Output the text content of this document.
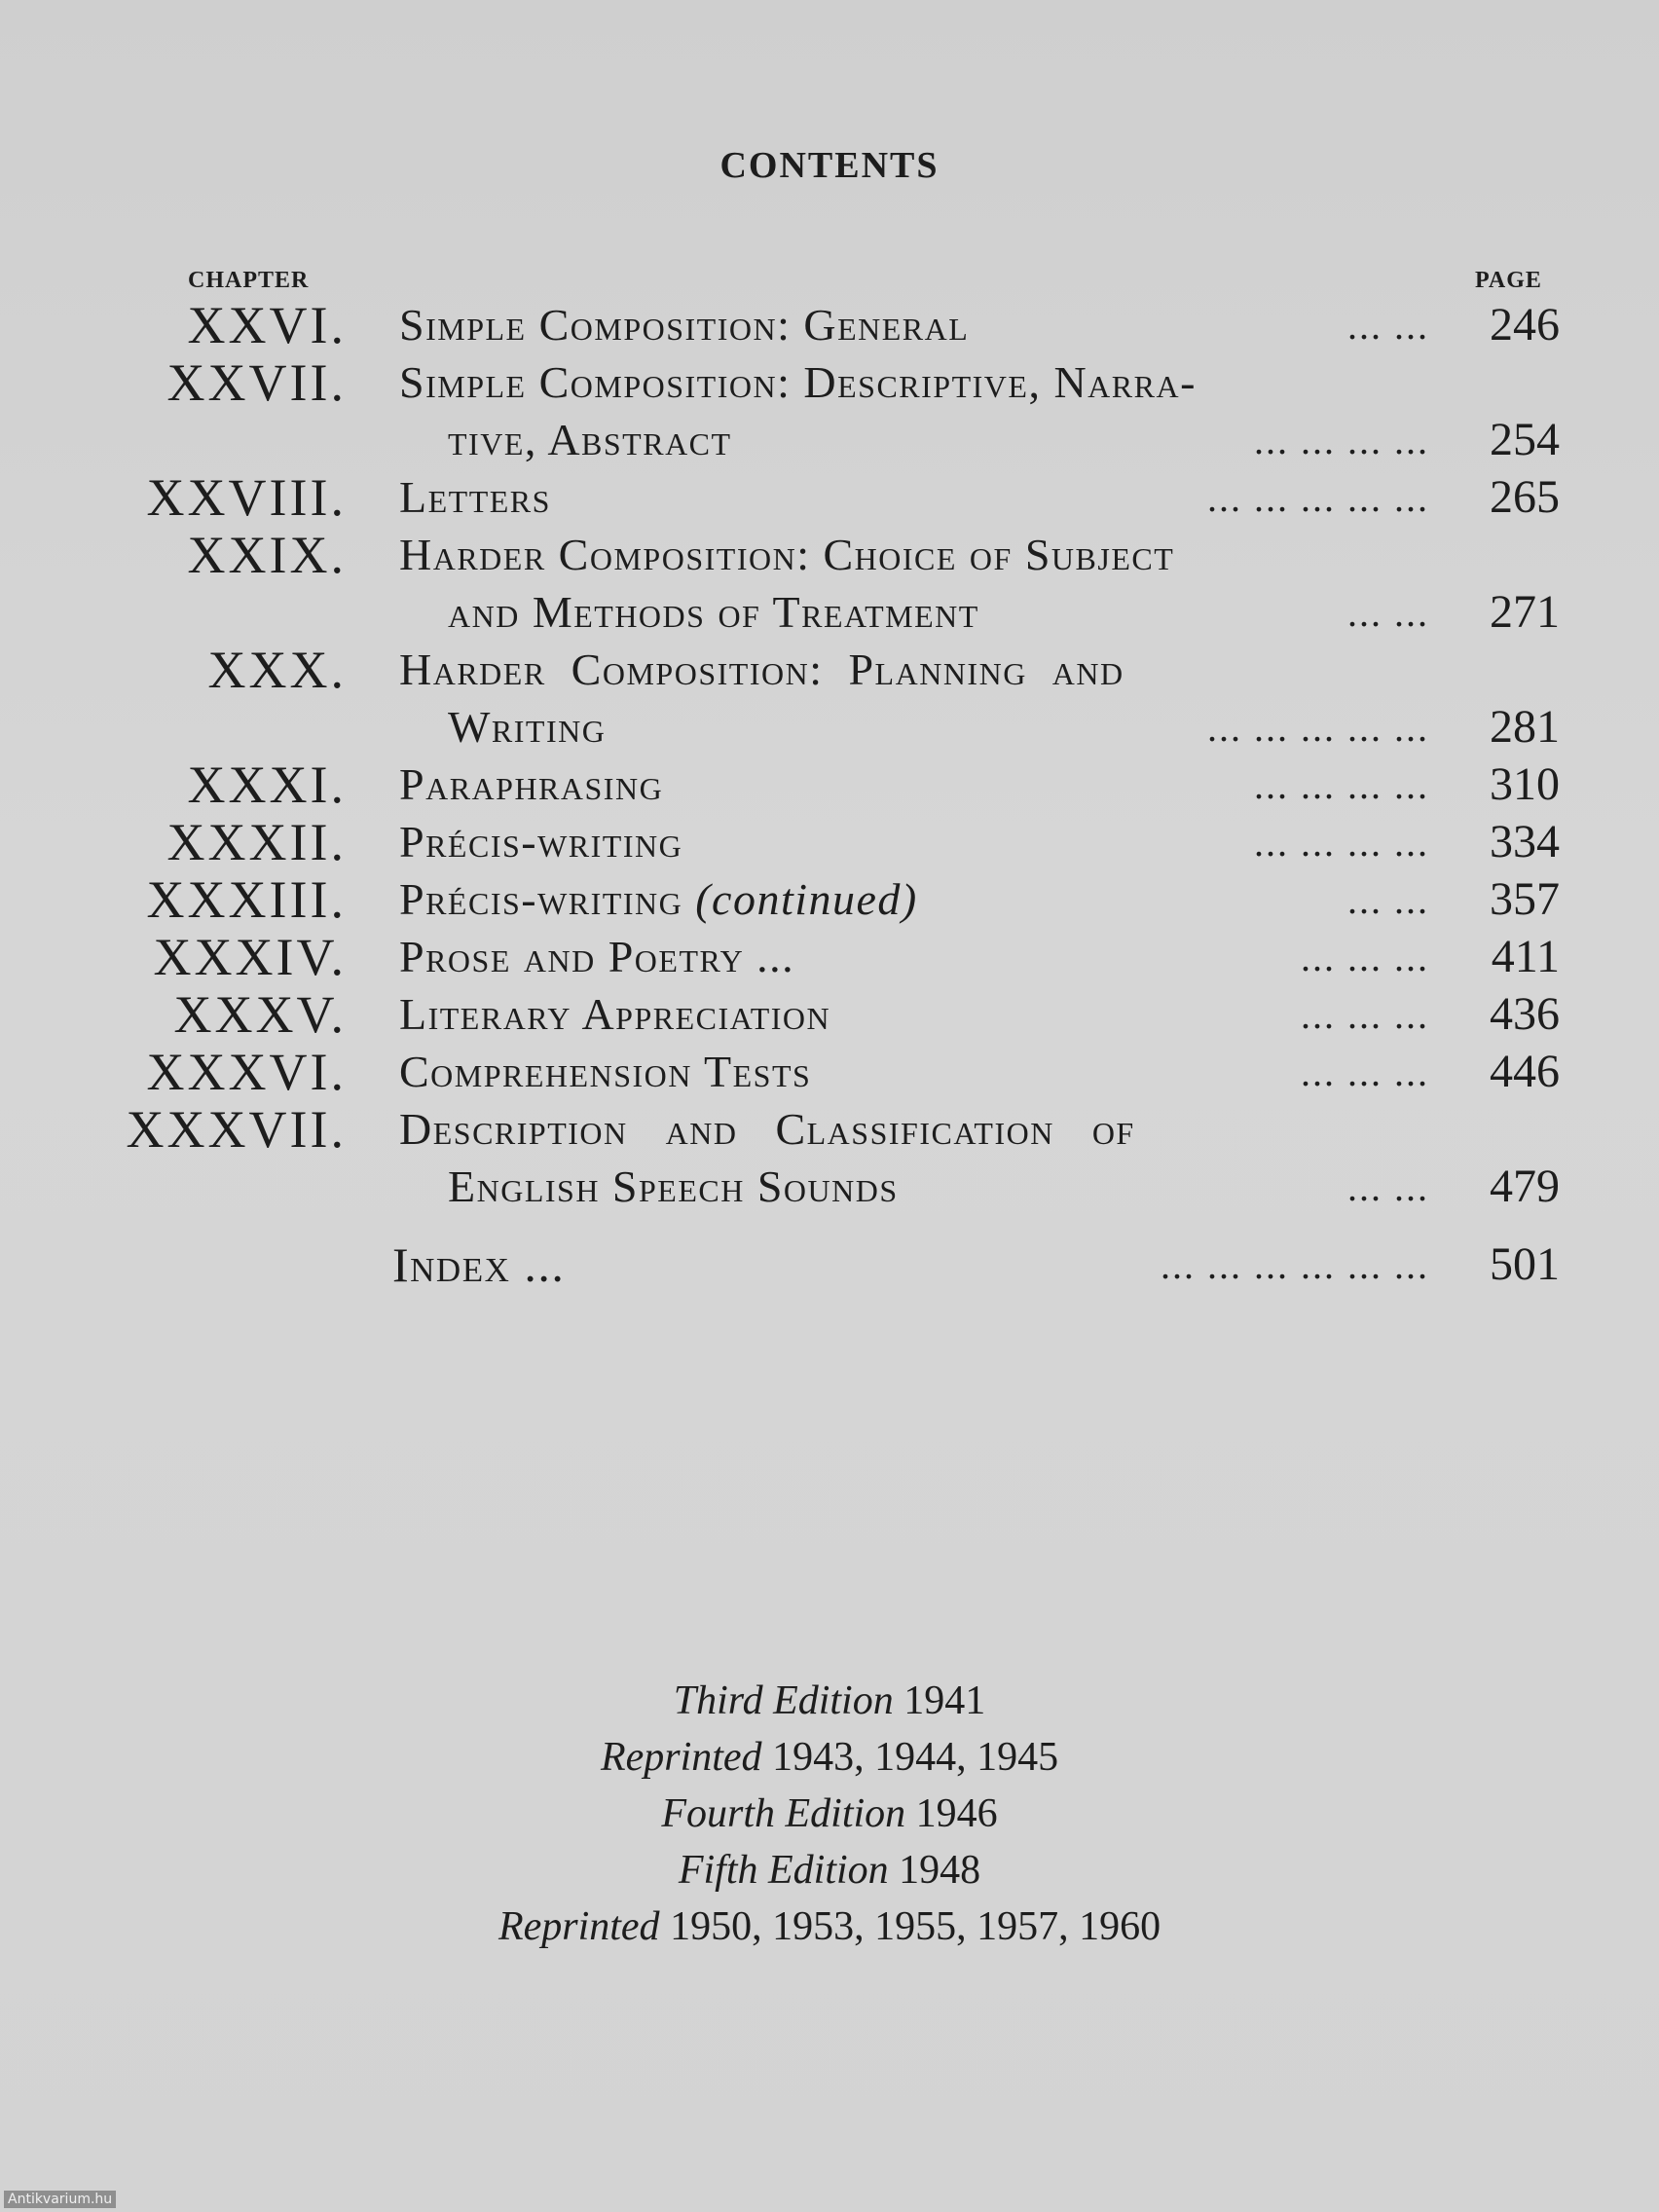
CONTENTS
CHAPTER	PAGE
XXVI. Simple Composition: General	... ... 246
XXVII. Simple Composition: Descriptive, Narra-
tive, Abstract	... ... ... ... 254
XXVIII. Letters	... ... ... ... ... 265
XXIX. Harder Composition: Choice of Subject
and Methods of Treatment	... ... 271
XXX. Harder  Composition:  Planning  and
Writing	... ... ... ... ... 281
XXXI. Paraphrasing	... ... ... ... 310
XXXII. Précis-writing	... ... ... ... 334
XXXIII. Précis-writing (continued)	... ... 357
XXXIV. Prose and Poetry ...	... ... ... 411
XXXV. Literary Appreciation	... ... ... 436
XXXVI. Comprehension Tests	... ... ... 446
XXXVII. Description   and   Classification   of
English Speech Sounds	... ... 479
Index ...	... ... ... ... ... ... 501
Third Edition 1941
Reprinted 1943, 1944, 1945
Fourth Edition 1946
Fifth Edition 1948
Reprinted 1950, 1953, 1955, 1957, 1960
Antikvarium.hu
